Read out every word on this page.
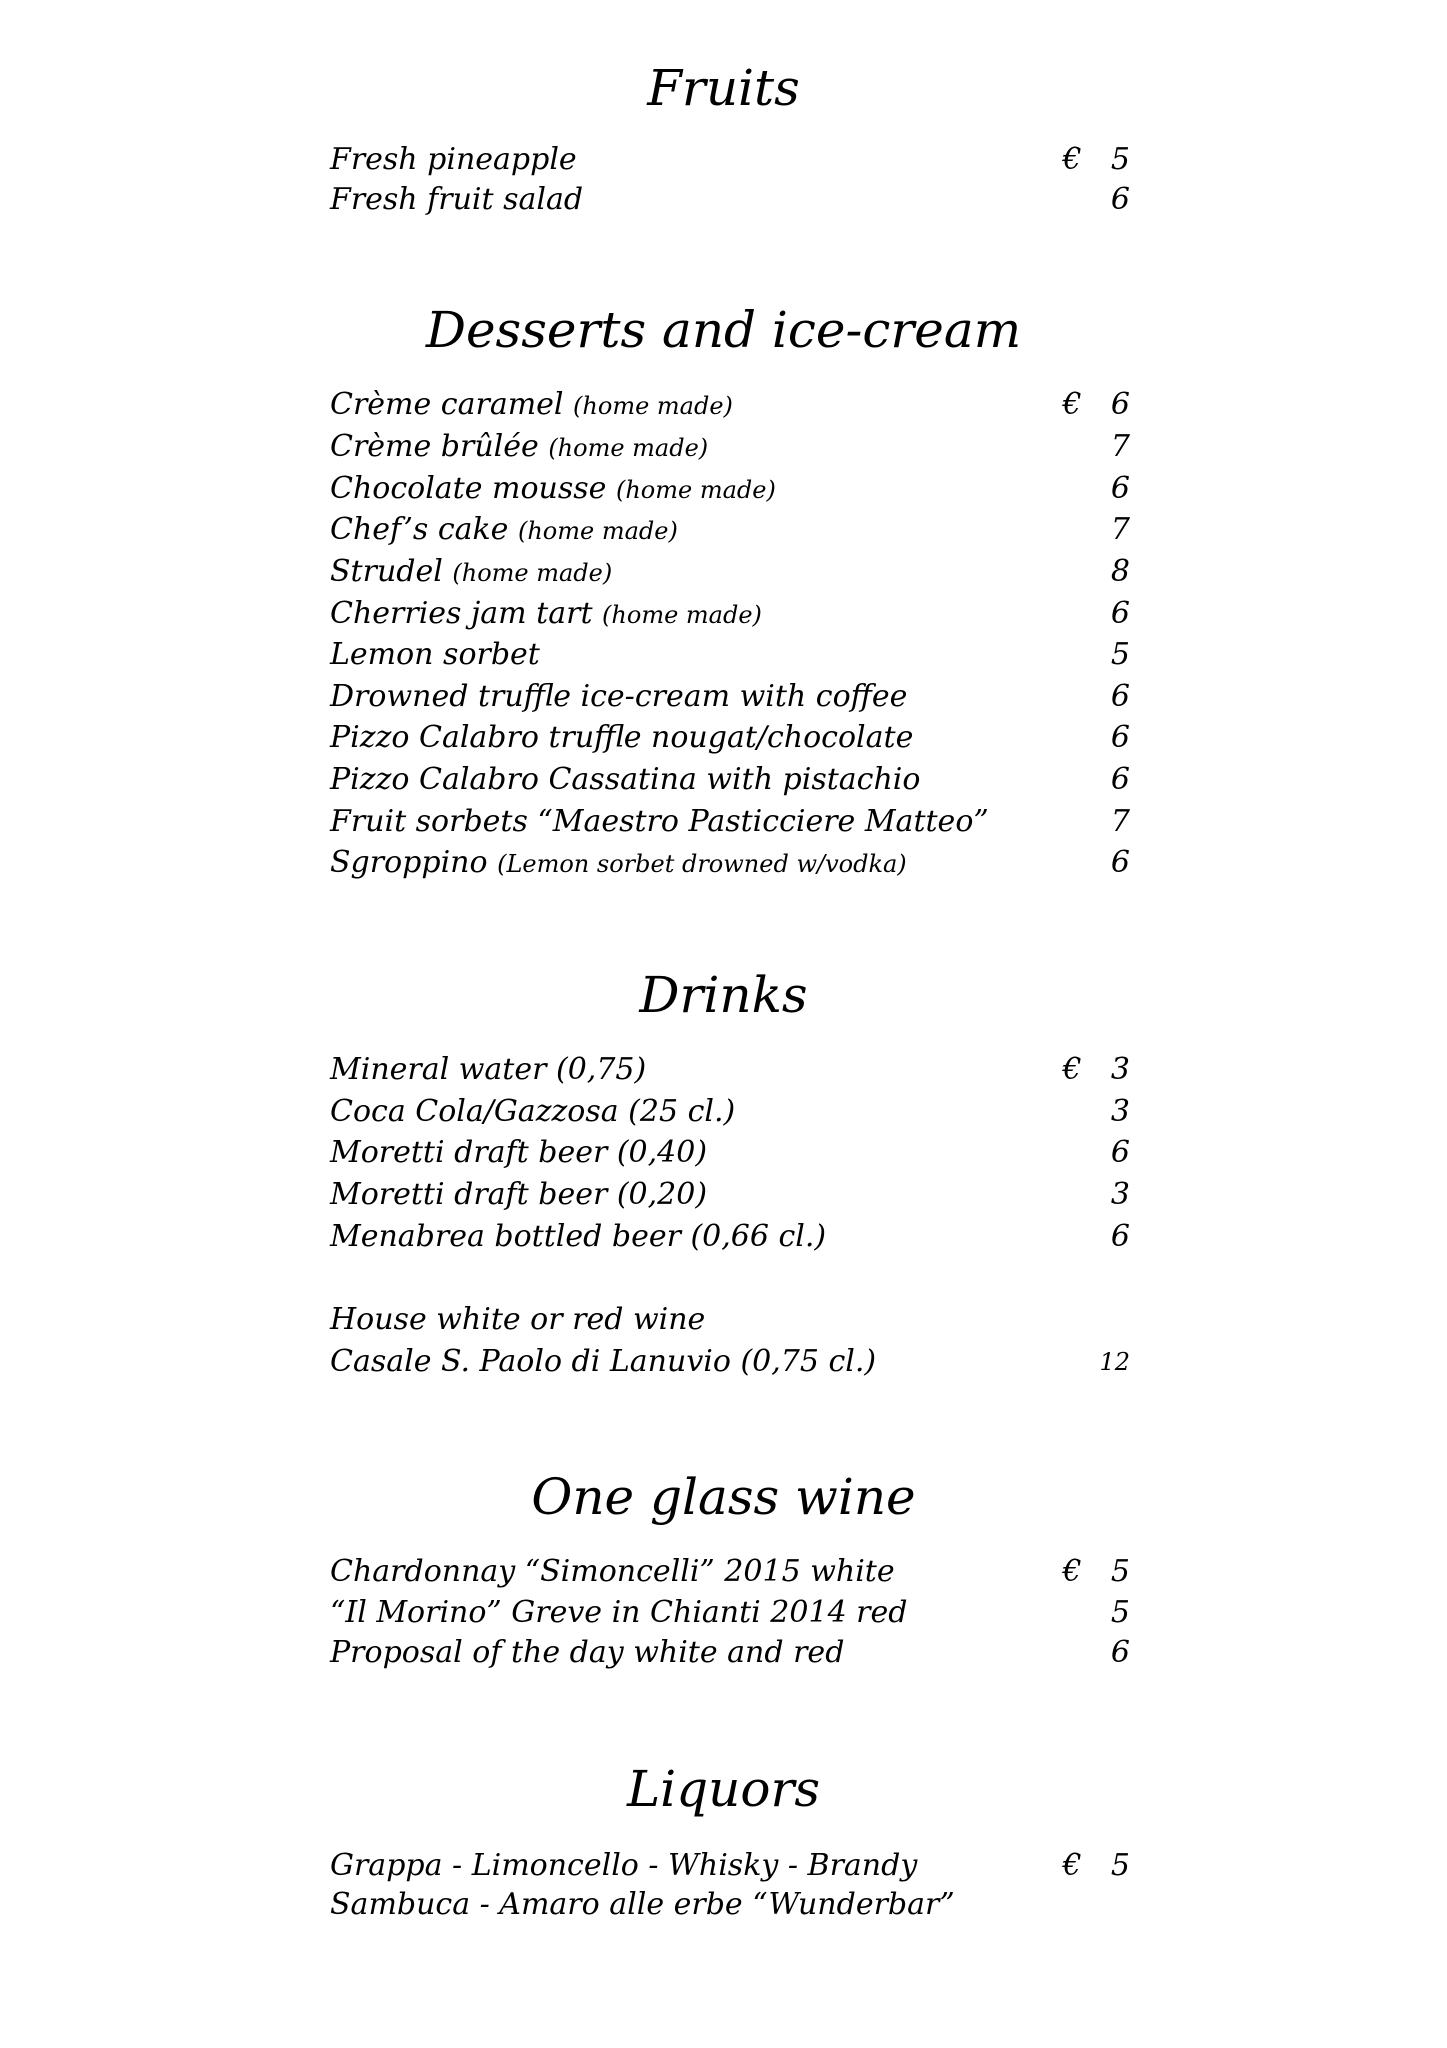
Fruits
Fresh pineapple	€ 5
Fresh fruit salad	6
Desserts and ice-cream
Crème caramel (home made)	€ 6
Crème brûlée (home made)	7
Chocolate mousse (home made)	6
Chef’s cake (home made)	7
Strudel (home made)	8
Cherries jam tart (home made)	6
Lemon sorbet	5
Drowned truffle ice-cream with coffee	6
Pizzo Calabro truffle nougat/chocolate	6
Pizzo Calabro Cassatina with pistachio	6
Fruit sorbets “Maestro Pasticciere Matteo”	7
Sgroppino (Lemon sorbet drowned w/vodka)	6
Drinks
Mineral water (0,75)	€ 3
Coca Cola/Gazzosa (25 cl.)	3
Moretti draft beer (0,40)	6
Moretti draft beer (0,20)	3
Menabrea bottled beer (0,66 cl.)	6
House white or red wine
Casale S. Paolo di Lanuvio (0,75 cl.)	12
One glass wine
Chardonnay “Simoncelli” 2015 white	€ 5
“Il Morino” Greve in Chianti 2014 red	5
Proposal of the day white and red	6
Liquors
Grappa - Limoncello - Whisky - Brandy	€ 5
Sambuca - Amaro alle erbe “Wunderbar”
